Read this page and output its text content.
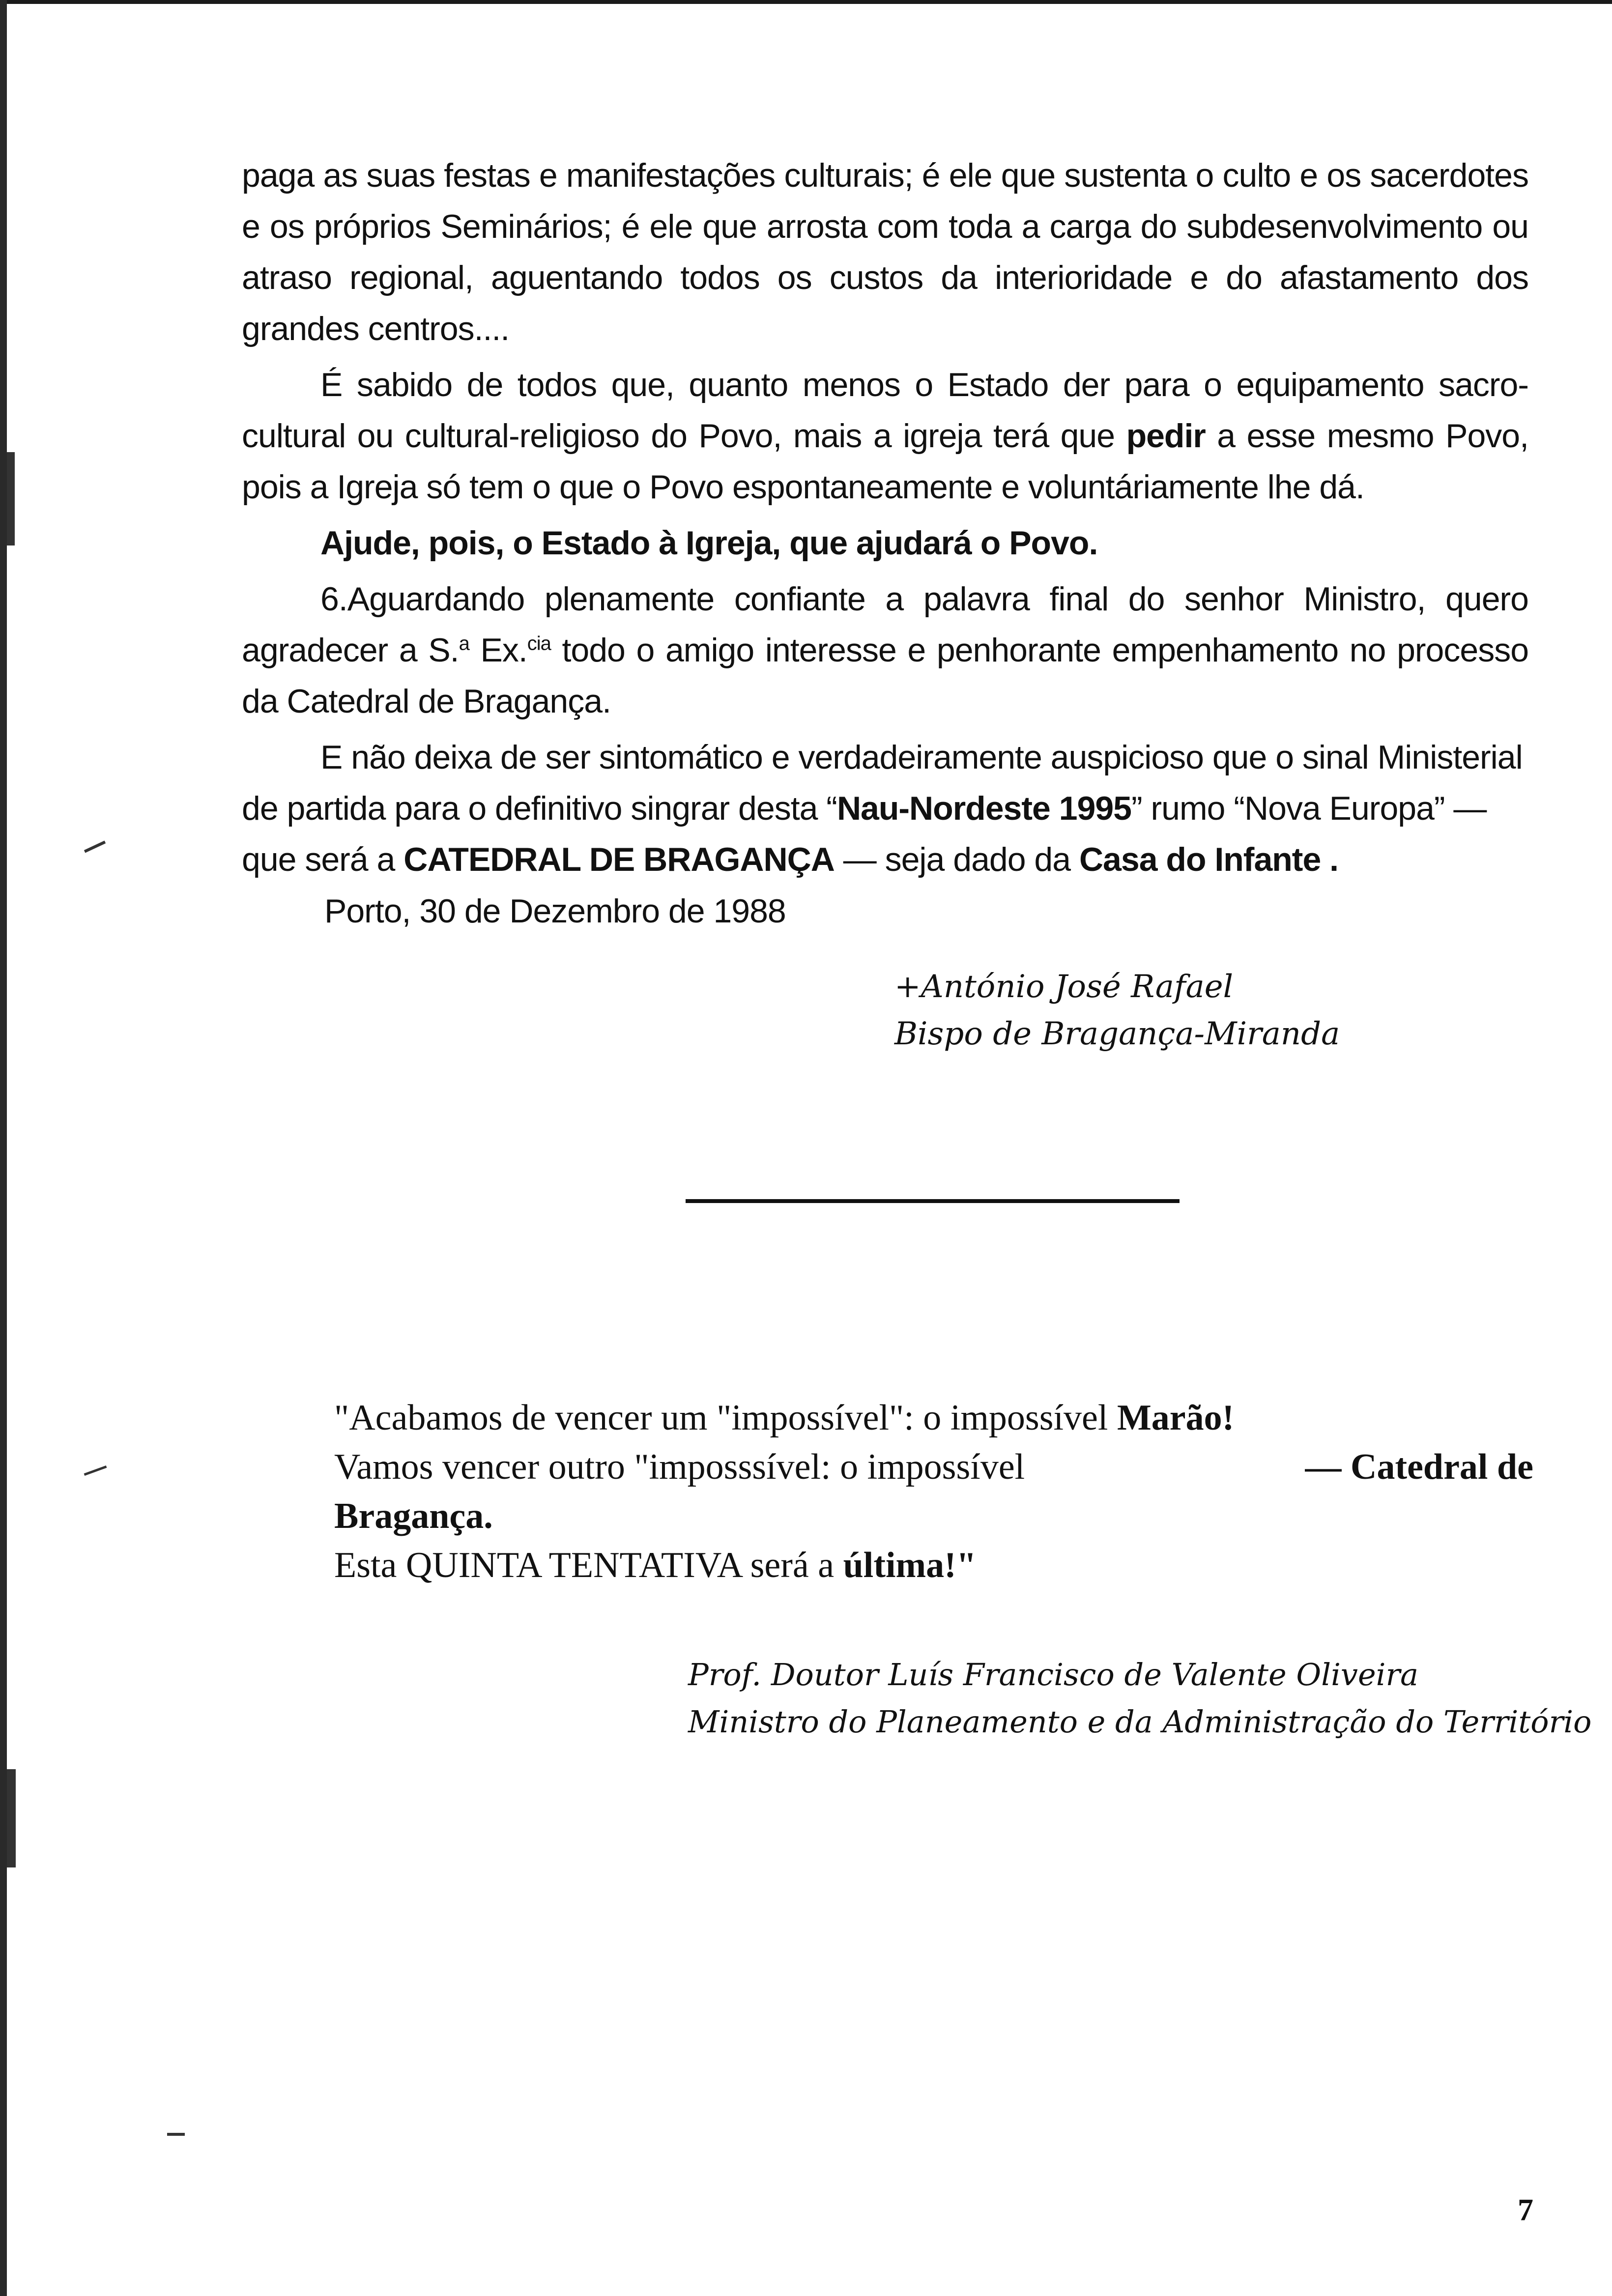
paga as suas festas e manifestações culturais; é ele que sustenta o culto e os sacerdotes e os próprios Seminários; é ele que arrosta com toda a carga do subdesenvolvimento ou atraso regional, aguentando todos os custos da interioridade e do afastamento dos grandes centros....

É sabido de todos que, quanto menos o Estado der para o equipamento sacro-cultural ou cultural-religioso do Povo, mais a igreja terá que pedir a esse mesmo Povo, pois a Igreja só tem o que o Povo espontaneamente e voluntáriamente lhe dá.

Ajude, pois, o Estado à Igreja, que ajudará o Povo.

6.Aguardando plenamente confiante a palavra final do senhor Ministro, quero agradecer a S.$^a$ Ex.$^{cia}$ todo o amigo interesse e penhorante empenhamento no processo da Catedral de Bragança.

E não deixa de ser sintomático e verdadeiramente auspicioso que o sinal Ministerial de partida para o definitivo singrar desta “Nau-Nordeste 1995” rumo “Nova Europa” — que será a CATEDRAL DE BRAGANÇA — seja dado da Casa do Infante .

Porto, 30 de Dezembro de 1988
+António José Rafael
Bispo de Bragança-Miranda

"Acabamos de vencer um "impossível": o impossível Marão!

Vamos vencer outro "imposssível: o impossível	— Catedral de

Bragança.

Esta QUINTA TENTATIVA será a última!"

Prof. Doutor Luís Francisco de Valente Oliveira
Ministro do Planeamento e da Administração do Território
7
